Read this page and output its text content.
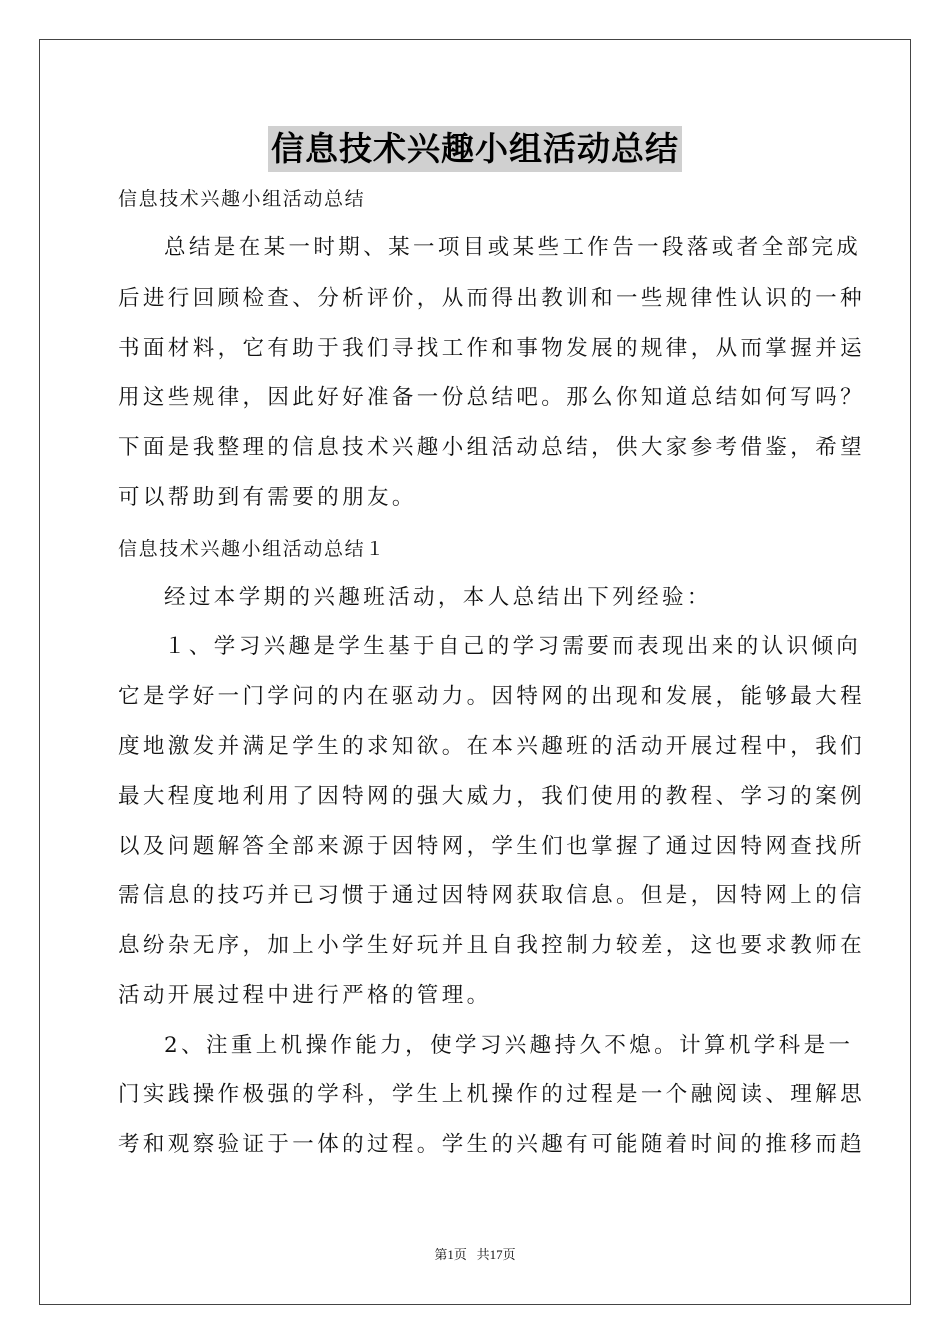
信息技术兴趣小组活动总结

信息技术兴趣小组活动总结

总结是在某一时期、某一项目或某些工作告一段落或者全部完成

后进行回顾检查、分析评价，从而得出教训和一些规律性认识的一种

书面材料，它有助于我们寻找工作和事物发展的规律，从而掌握并运

用这些规律，因此好好准备一份总结吧。那么你知道总结如何写吗？

下面是我整理的信息技术兴趣小组活动总结，供大家参考借鉴，希望

可以帮助到有需要的朋友。

信息技术兴趣小组活动总结１

经过本学期的兴趣班活动，本人总结出下列经验：

１、学习兴趣是学生基于自己的学习需要而表现出来的认识倾向

它是学好一门学问的内在驱动力。因特网的出现和发展，能够最大程

度地激发并满足学生的求知欲。在本兴趣班的活动开展过程中，我们

最大程度地利用了因特网的强大威力，我们使用的教程、学习的案例

以及问题解答全部来源于因特网，学生们也掌握了通过因特网查找所

需信息的技巧并已习惯于通过因特网获取信息。但是，因特网上的信

息纷杂无序，加上小学生好玩并且自我控制力较差，这也要求教师在

活动开展过程中进行严格的管理。

2、注重上机操作能力，使学习兴趣持久不熄。计算机学科是一

门实践操作极强的学科，学生上机操作的过程是一个融阅读、理解思

考和观察验证于一体的过程。学生的兴趣有可能随着时间的推移而趋

第1页 共17页
